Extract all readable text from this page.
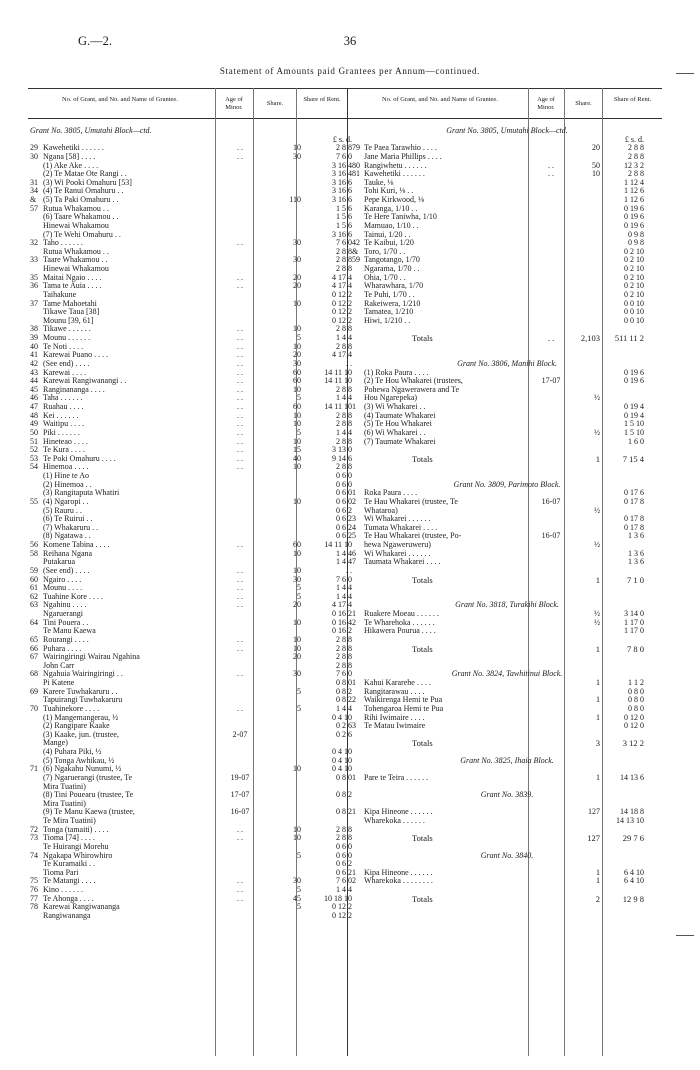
G.—2.	36
Statement of Amounts paid Grantees per Annum—continued.
No. of Grant, and No. and Name of Grantee.	Age of Minor.	Share.
Share of Rent.	No. of Grant, and No. and Name of Grantee.	Age of Minor.	Share.
Share of Rent.
Grant No. 3805, Umutahi Block—ctd.
£ s. d.
29 Kawehetiki . . . . . .	. .	10	2 8 8
30 Ngana [58] . . . .	. .	30	7 6 0
(1) Ake Ake . . . .	3 16 4
(2) Te Matae Ote Rangi . .	3 16 4
31 (3) Wi Pooki Omahuru [53]	3 16 6
34 (4) Te Ranui Omahuru . .	3 16 6
& (5) Ta Paki Omahuru . .	110	3 16 6
57 Rutua Whakamou . .	1 5 6
(6) Taare Whakamou . .	1 5 6
Hinewai Whakamou	1 5 6
(7) Te Wehi Omahuru . .	3 16 6
32 Taho . . . . . .	. .	30	7 6 0
Rutua Whakamou . .	2 8 8
33 Taare Whakamou . .	30	2 8 8
Hinewai Whakamou	2 8 8
35 Maitai Ngaio . . . .	. .	20	4 17 4
36 Tama te Auia . . . .	. .	20	4 17 4
Taihakune	0 12 2
37 Tame Mahoetahi	10	0 12 2
Tikawe Taua [38]	0 12 2
Mounu [39, 61]	0 12 2
38 Tikawe . . . . . .	. .	10	2 8 8
39 Mounu . . . . . .	. .	5	1 4 4
40 Te Noti . . . .	. .	10	2 8 8
41 Karewai Puano . . . .	. .	20	4 17 4
42 (See end) . . . .	. .	30	. .
43 Karewai . . . .	. .	60	14 11 10
44 Karewai Rangiwanangi . .	. .	60	14 11 10
45 Ranginananga . . . .	. .	10	2 8 8
46 Taha . . . . . .	. .	5	1 4 4
47 Ruahau . . . .	. .	60	14 11 10
48 Kei . . . . . .	. .	10	2 8 8
49 Waitipu . . . .	. .	10	2 8 8
50 Piki . . . . . .	. .	5	1 4 4
51 Hineteao . . . .	. .	10	2 8 8
52 Te Kura . . . .	. .	15	3 13 0
53 Te Poki Omahuru . . . .	. .	40	9 14 6
54 Hinemoa . . . .	. .	10	2 8 8
(1) Hine te Ao	0 6 0
(2) Hinemoa . .	0 6 0
(3) Rangitaputa Whatiri	0 6 0
55 (4) Ngaropi . .	10	0 6 0
(5) Rauru . .	0 6 2
(6) Te Ruirui . .	0 6 2
(7) Whakaruru . .	0 6 2
(8) Ngatawa . .	0 6 2
56 Komene Tabina . . . .	. .	60	14 11 10
58 Reihana Ngana	10	1 4 4
Putakarua	1 4 4
59 (See end) . . . .	. .	10	. .
60 Ngairo . . . .	. .	30	7 6 0
61 Mounu . . . .	. .	5	1 4 4
62 Tuahine Kore . . . .	. .	5	1 4 4
63 Ngahinu . . . .	. .	20	4 17 4
Ngaruerangi	0 16 2
64 Tini Pouera . .	10	0 16 4
Te Manu Kaewa	0 16 2
65 Rourangi . . . .	. .	10	2 8 8
66 Puhara . . . .	. .	10	2 8 8
67 Wairingiringi Wairau Ngahina	20	2 8 8
John Carr	2 8 8
68 Ngahuia Wairingiringi . .	. .	30	7 6 0
Pi Katene	0 8 0
69 Karere Tuwhakaruru . .	5	0 8 2
Tapuirangi Tuwhakaruru	0 8 2
70 Tuahinekore . . . .	. .	5	1 4 4
(1) Mangemangerau, ½	0 4 10
(2) Rangipare Kaake	0 2 6
(3) Kaake, jun. (trustee,	2-07	0 2 6
Mange)
(4) Puhara Piki, ½	0 4 10
(5) Tonga Awhikau, ½	0 4 10
71 (6) Ngakahu Nunumi, ½	10	0 4 10
(7) Ngaruerangi (trustee, Te	19-07	0 8 0
Mira Tuatini)
(8) Tini Pouearu (trustee, Te	17-07	0 8 2
Mira Tuatini)
(9) Te Manu Kaewa (trustee,	16-07	0 8 2
Te Mira Tuatini)
72 Tonga (tamaiti) . . . .	. .	10	2 8 8
73 Tioma [74] . . . .	. .	10	2 8 8
Te Huirangi Morehu	0 6 0
74 Ngakapa Whirowhiro	5	0 6 0
Te Kuramaiki . .	0 6 2
Tioma Pari	0 6 2
75 Te Matangi . . . .	. .	30	7 6 0
76 Kino . . . . . .	. .	5	1 4 4
77 Te Ahonga . . . .	. .	45	10 18 10
78 Karewai Rangiwananga	5	0 12 2
Rangiwananga	0 12 2
Grant No. 3805, Umutahi Block—ctd.
£ s. d.
79 Te Paea Tarawhio . . . .	20	2 8 8
Jane Maria Phillips . . . .	2 8 8
80 Rangiwhetu . . . . . .	. .	50	12 3 2
81 Kawehetiki . . . . . .	. .	10	2 8 8
Tauke, ⅛	1 12 4
Tohi Kuri, ⅛ . .	1 12 6
Pepe Kirkwood, ⅛	1 12 6
Karanga, 1/10 . .	0 19 6
Te Here Taniwha, 1/10	0 19 6
Mamuao, 1/10 . .	0 19 6
Tainui, 1/20 . .	0 9 8
42 Te Kaibui, 1/20	0 9 8
& Toro, 1/70 . .	0 2 10
59 Tangotango, 1/70	0 2 10
Ngarama, 1/70 . .	0 2 10
Ohia, 1/70 . .	0 2 10
Wharawhara, 1/70	0 2 10
Te Puhi, 1/70 . .	0 2 10
Rakeiwera, 1/210	0 0 10
Tamatea, 1/210	0 0 10
Hiwi, 1/210 . .	0 0 10
Totals	. .	2,103	511 11 2
Grant No. 3806, Manihi Block.
(1) Roka Paura . . . .	0 19 6
(2) Te Hou Whakarei (trustees,	17-07	0 19 6
Pohewa Ngawerawera and Te
Hou Ngarepeka)	½
1	(3) Wi Whakarei . .	0 19 4
(4) Taumate Whakarei	0 19 4
(5) Te Hou Whakarei	1 5 10
(6) Wi Whakarei . .	½	1 5 10
(7) Taumate Whakarei	1 6 0
Totals	1	7 15 4
Grant No. 3809, Parimoto Block.
1	Roka Paura . . . .	0 17 6
2	Te Hau Whakarei (trustee, Te	16-07	0 17 8
Whataroa)	½
3	Wi Whakarei . . . . . .	0 17 8
4	Tumata Whakarei . . . .	0 17 8
5	Te Hau Whakarei (trustee, Po-	16-07	1 3 6
hewa Ngaweruweru)	½
6	Wi Whakarei . . . . . .	1 3 6
7	Taumata Whakarei . . . .	1 3 6
Totals	1	7 1 0
Grant No. 3818, Turakihi Block.
1	Ruakere Moeau . . . . . .	½	3 14 0
2	Te Wharehoka . . . . . .	½	1 17 0
Hikawera Pourua . . . .	1 17 0
Totals	1	7 8 0
Grant No. 3824, Tawhitinui Block.
1	Kahui Kararehe . . . .	1	1 1 2
Rangitarawau . . . .	0 8 0
2	Waikirenga Hemi te Pua	1	0 8 0
Tohengaroa Hemi te Pua	0 8 0
Rihi Iwimaire . . . .	1	0 12 0
3	Te Matau Iwimaire	0 12 0
Totals	3	3 12 2
Grant No. 3825, Ihaia Block.
1	Pare te Teira . . . . . .	1	14 13 6
Grant No. 3839.
1	Kipa Hineone . . . . . .	127	14 18 8
Wharekoka . . . . . .	14 13 10
Totals	127	29 7 6
Grant No. 3840.
1	Kipa Hineone . . . . . .	1	6 4 10
2	Wharekoka . . . . . . . .	1	6 4 10
Totals	2	12 9 8
